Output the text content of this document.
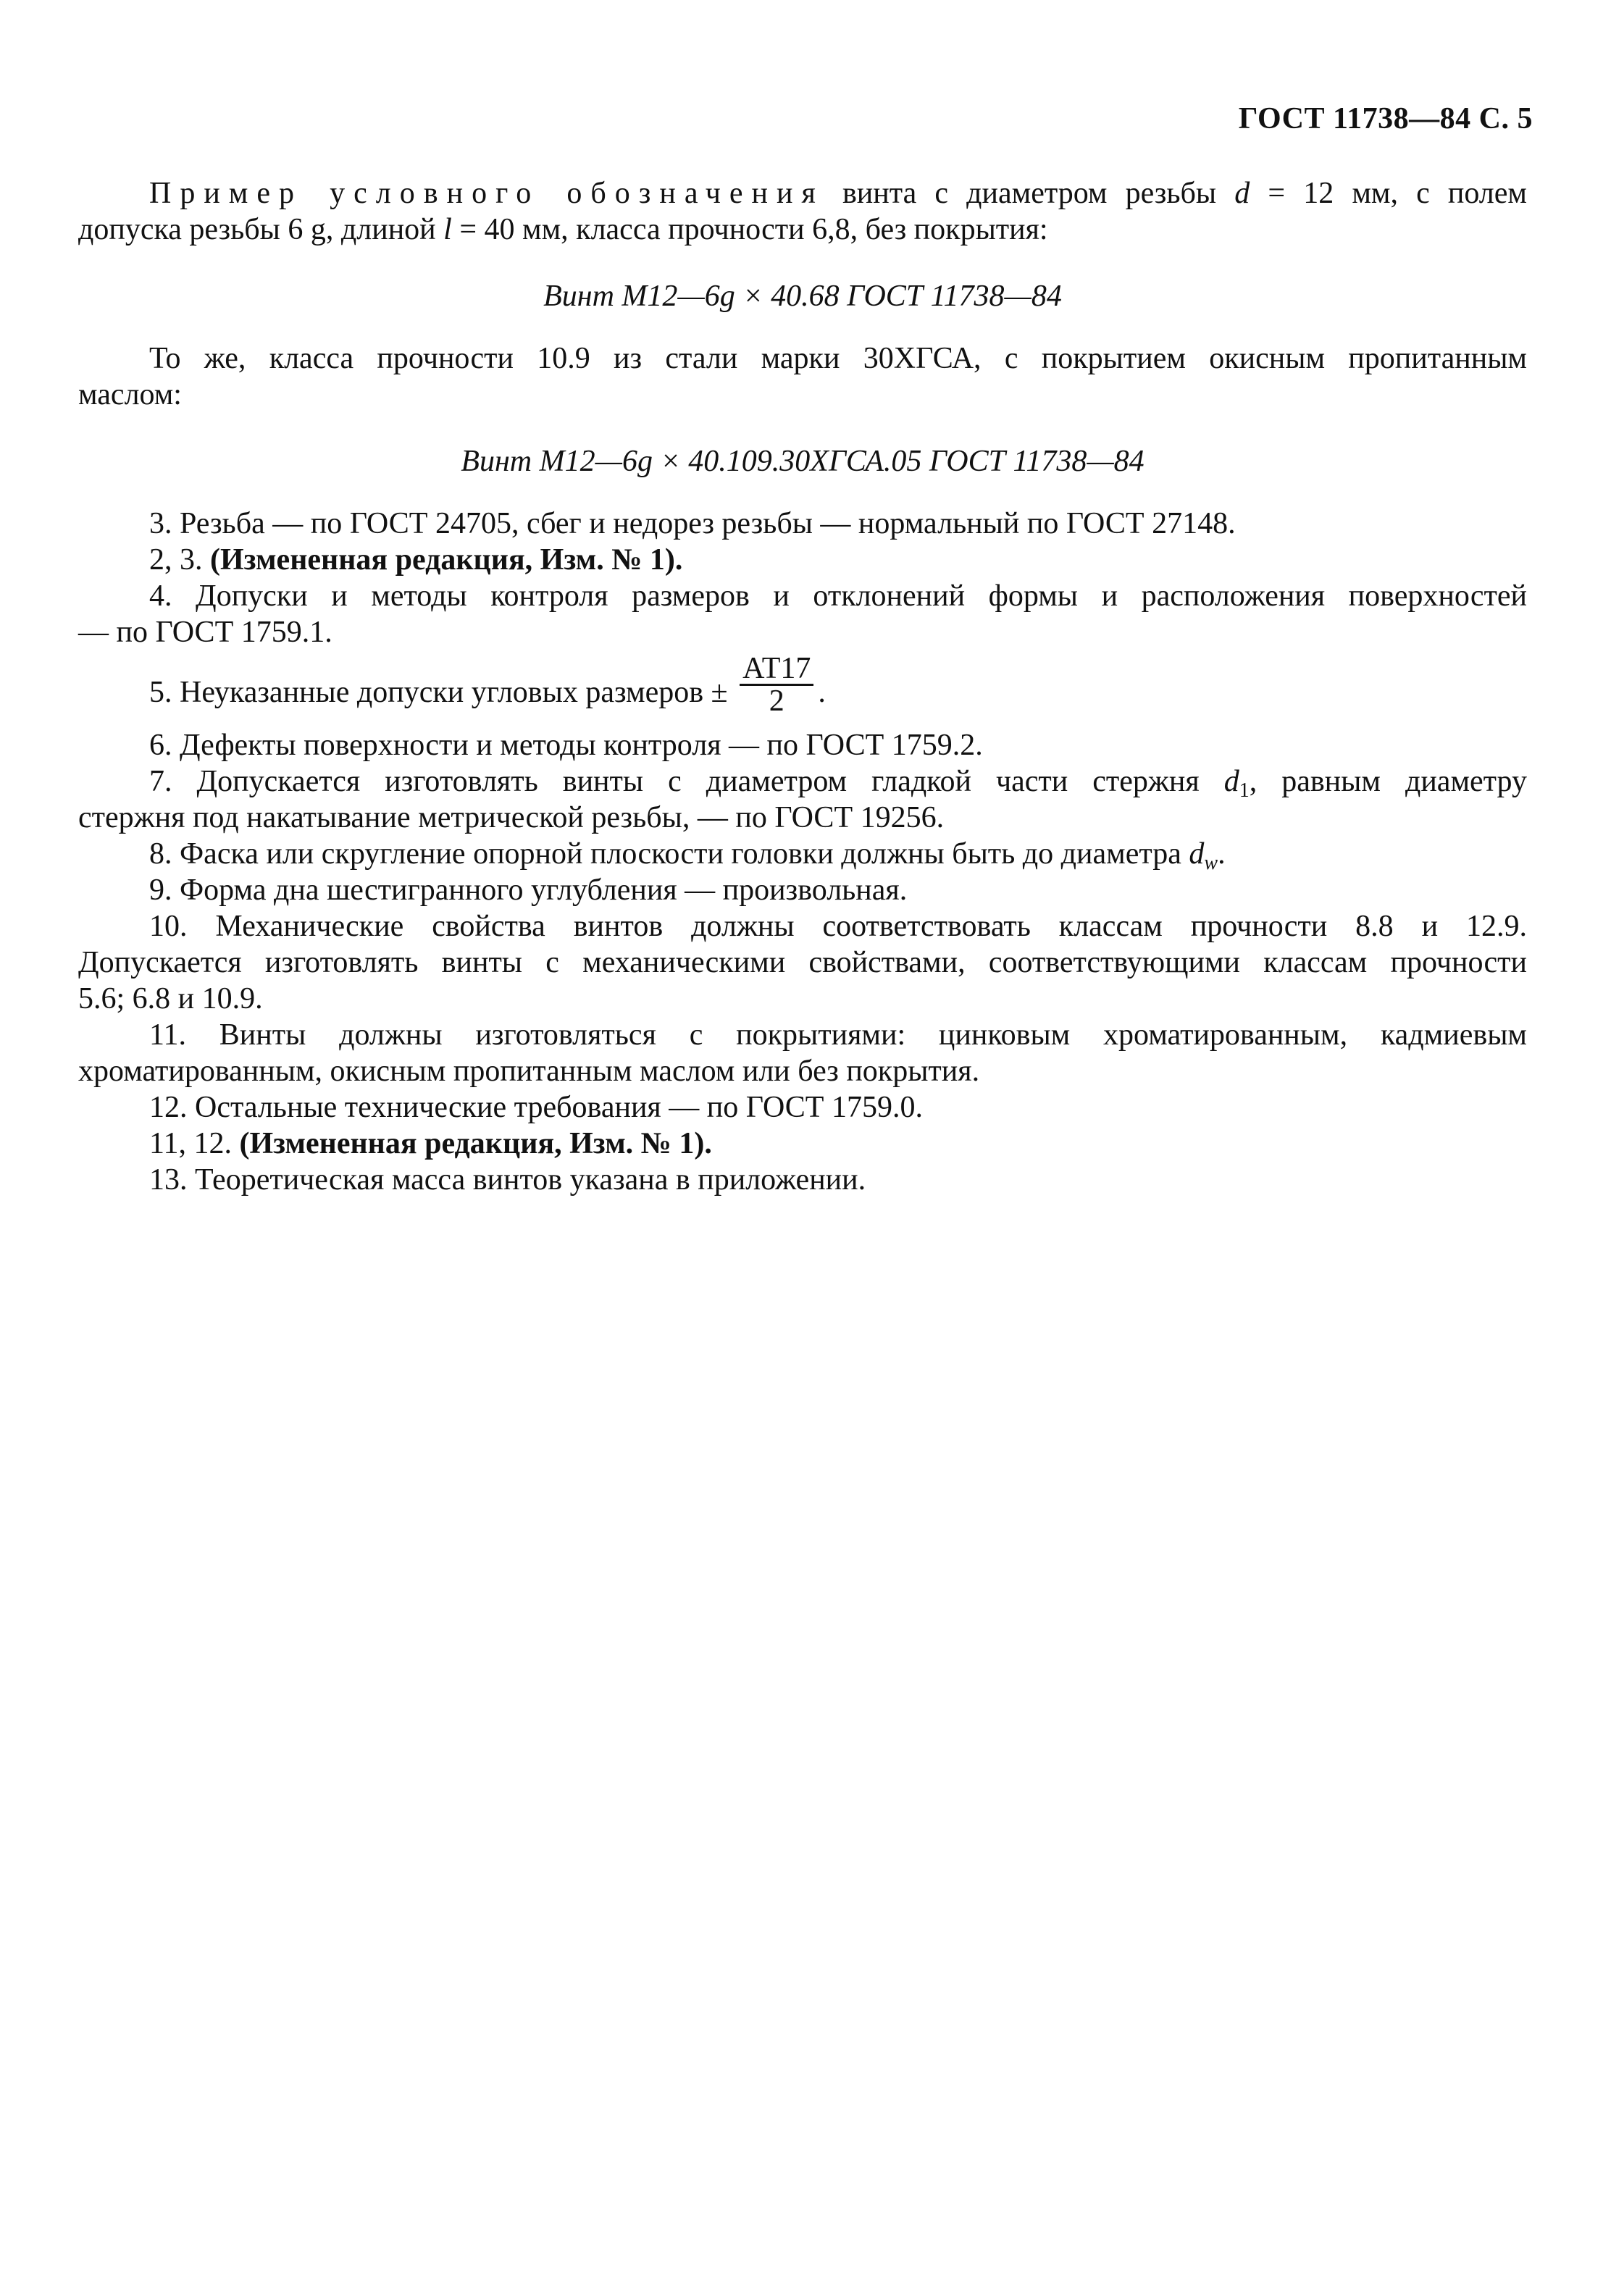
ГОСТ 11738—84 С. 5
Пример условного обозначения винта с диаметром резьбы d = 12 мм, с полем
допуска резьбы 6 g, длиной l = 40 мм, класса прочности 6,8, без покрытия:
Винт М12—6g × 40.68 ГОСТ 11738—84
То же, класса прочности 10.9 из стали марки 30ХГСА, с покрытием окисным пропитанным
маслом:
Винт М12—6g × 40.109.30ХГСА.05 ГОСТ 11738—84
3. Резьба — по ГОСТ 24705, сбег и недорез резьбы — нормальный по ГОСТ 27148.
2, 3. (Измененная редакция, Изм. № 1).
4. Допуски и методы контроля размеров и отклонений формы и расположения поверхностей
— по ГОСТ 1759.1.
5. Неуказанные допуски угловых размеров ± $\frac{АТ17}{2}$ .
6. Дефекты поверхности и методы контроля — по ГОСТ 1759.2.
7. Допускается изготовлять винты с диаметром гладкой части стержня $d_1$, равным диаметру
стержня под накатывание метрической резьбы, — по ГОСТ 19256.
8. Фаска или скругление опорной плоскости головки должны быть до диаметра $d_w$.
9. Форма дна шестигранного углубления — произвольная.
10. Механические свойства винтов должны соответствовать классам прочности 8.8 и 12.9.
Допускается изготовлять винты с механическими свойствами, соответствующими классам прочности
5.6; 6.8 и 10.9.
11. Винты должны изготовляться с покрытиями: цинковым хроматированным, кадмиевым
хроматированным, окисным пропитанным маслом или без покрытия.
12. Остальные технические требования — по ГОСТ 1759.0.
11, 12. (Измененная редакция, Изм. № 1).
13. Теоретическая масса винтов указана в приложении.
